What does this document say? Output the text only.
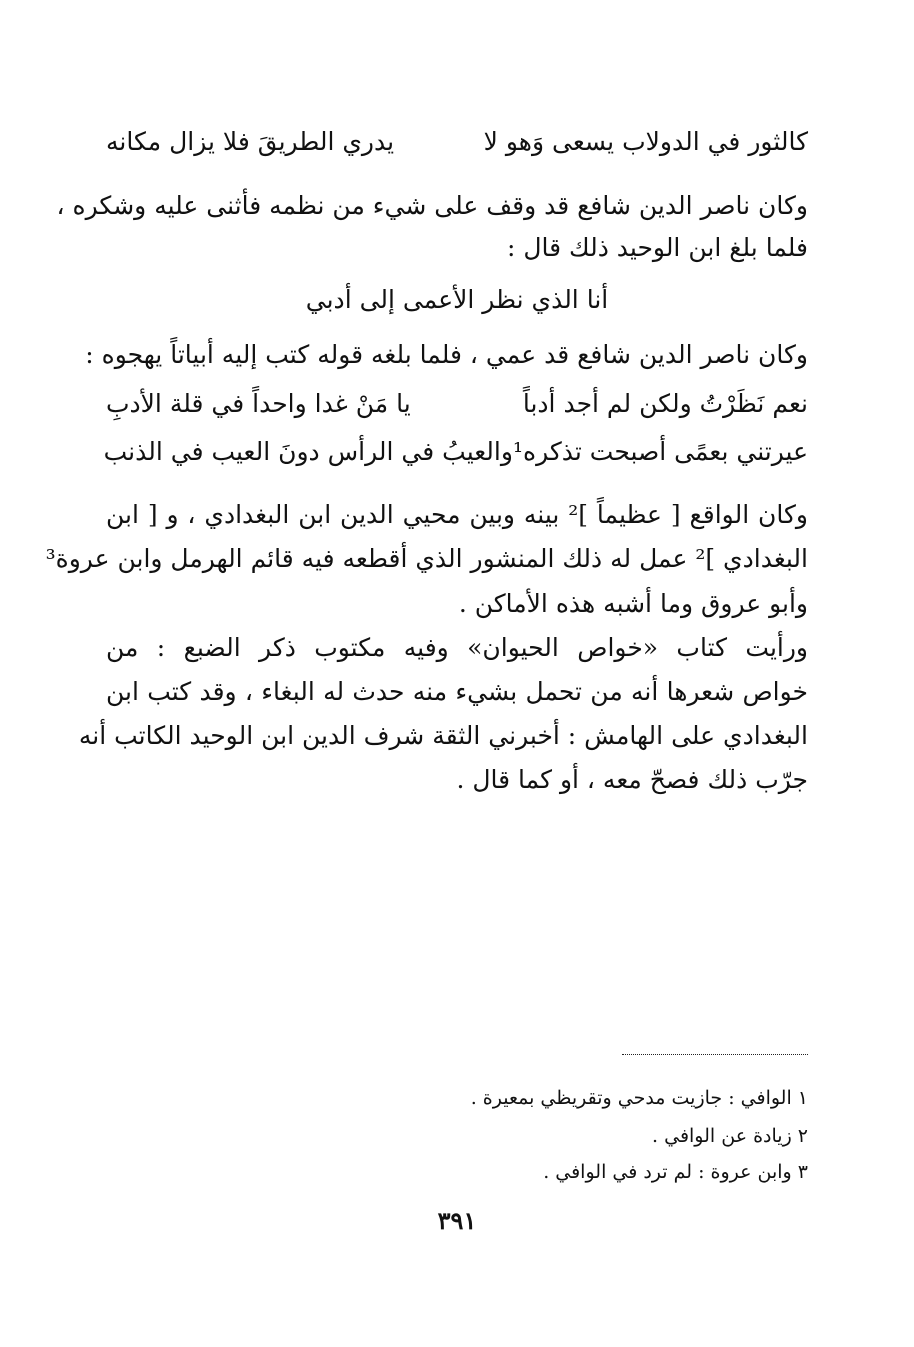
كالثور في الدولاب يسعى وَهو لا
يدري الطريقَ فلا يزال مكانه
وكان ناصر الدين شافع قد وقف على شيء من نظمه فأثنى عليه وشكره ،
فلما بلغ ابن الوحيد ذلك قال :
أنا الذي نظر الأعمى إلى أدبي
وكان ناصر الدين شافع قد عمي ، فلما بلغه قوله كتب إليه أبياتاً يهجوه :
نعم نَظَرْتُ ولكن لم أجد أدباً
يا مَنْ غدا واحداً في قلة الأدبِ
عيرتني بعمًى أصبحت تذكره¹
والعيبُ في الرأس دونَ العيب في الذنب
وكان الواقع [ عظيماً ]² بينه وبين محيي الدين ابن البغدادي ، و [ ابن
البغدادي ]² عمل له ذلك المنشور الذي أقطعه فيه قائم الهرمل وابن عروة³
وأبو عروق وما أشبه هذه الأماكن .
ورأيت كتاب «خواص الحيوان» وفيه مكتوب ذكر الضبع : من
خواص شعرها أنه من تحمل بشيء منه حدث له البغاء ، وقد كتب ابن
البغدادي على الهامش : أخبرني الثقة شرف الدين ابن الوحيد الكاتب أنه
جرّب ذلك فصحّ معه ، أو كما قال .
١ الوافي : جازيت مدحي وتقريظي بمعيرة .
٢ زيادة عن الوافي .
٣ وابن عروة : لم ترد في الوافي .
٣٩١
